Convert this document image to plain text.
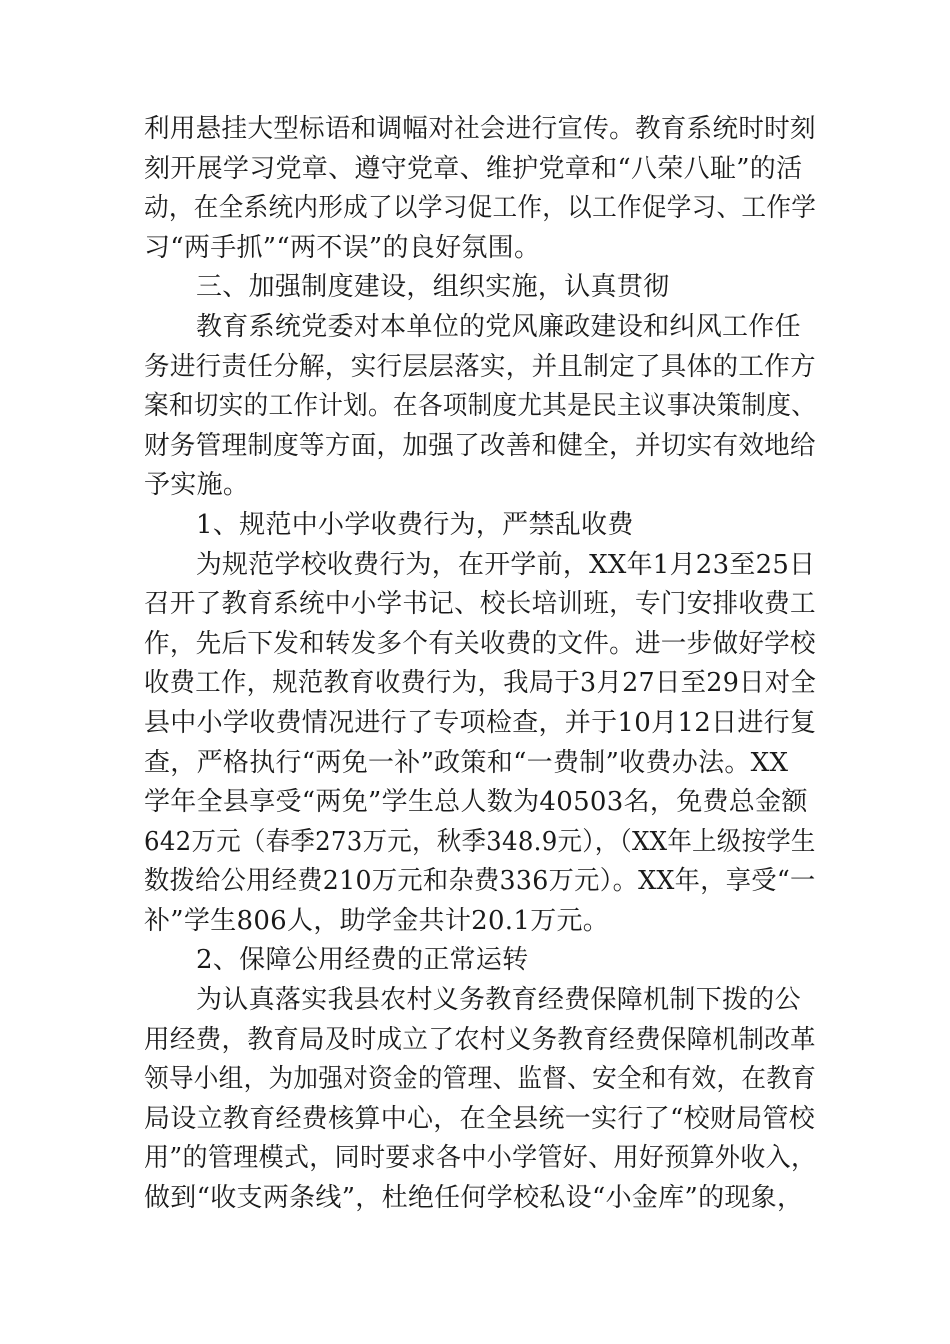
利用悬挂大型标语和调幅对社会进行宣传。教育系统时时刻
刻开展学习党章、遵守党章、维护党章和“八荣八耻”的活
动，在全系统内形成了以学习促工作，以工作促学习、工作学
习“两手抓”“两不误”的良好氛围。
三、加强制度建设，组织实施，认真贯彻
教育系统党委对本单位的党风廉政建设和纠风工作任
务进行责任分解，实行层层落实，并且制定了具体的工作方
案和切实的工作计划。在各项制度尤其是民主议事决策制度、
财务管理制度等方面，加强了改善和健全，并切实有效地给
予实施。
1、规范中小学收费行为，严禁乱收费
为规范学校收费行为，在开学前，XX年1月23至25日
召开了教育系统中小学书记、校长培训班，专门安排收费工
作，先后下发和转发多个有关收费的文件。进一步做好学校
收费工作，规范教育收费行为，我局于3月27日至29日对全
县中小学收费情况进行了专项检查，并于10月12日进行复
查，严格执行“两免一补”政策和“一费制”收费办法。XX
学年全县享受“两免”学生总人数为40503名，免费总金额
642万元（春季273万元，秋季348.9元），（XX年上级按学生
数拨给公用经费210万元和杂费336万元）。XX年，享受“一
补”学生806人，助学金共计20.1万元。
2、保障公用经费的正常运转
为认真落实我县农村义务教育经费保障机制下拨的公
用经费，教育局及时成立了农村义务教育经费保障机制改革
领导小组，为加强对资金的管理、监督、安全和有效，在教育
局设立教育经费核算中心，在全县统一实行了“校财局管校
用”的管理模式，同时要求各中小学管好、用好预算外收入，
做到“收支两条线”，杜绝任何学校私设“小金库”的现象，
